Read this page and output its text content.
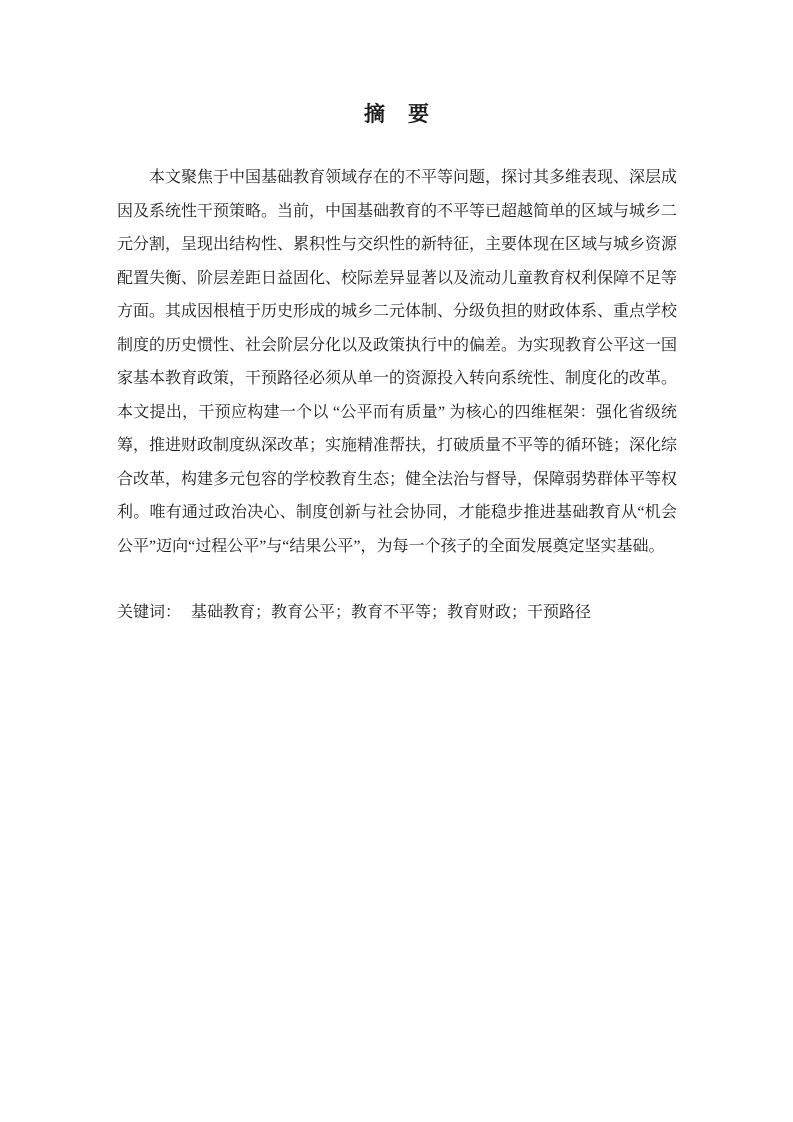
摘　要

本文聚焦于中国基础教育领域存在的不平等问题，探讨其多维表现、深层成因及系统性干预策略。当前，中国基础教育的不平等已超越简单的区域与城乡二元分割，呈现出结构性、累积性与交织性的新特征，主要体现在区域与城乡资源配置失衡、阶层差距日益固化、校际差异显著以及流动儿童教育权利保障不足等方面。其成因根植于历史形成的城乡二元体制、分级负担的财政体系、重点学校制度的历史惯性、社会阶层分化以及政策执行中的偏差。为实现教育公平这一国家基本教育政策，干预路径必须从单一的资源投入转向系统性、制度化的改革。本文提出，干预应构建一个以 “公平而有质量” 为核心的四维框架：强化省级统筹，推进财政制度纵深改革；实施精准帮扶，打破质量不平等的循环链；深化综合改革，构建多元包容的学校教育生态；健全法治与督导，保障弱势群体平等权利。唯有通过政治决心、制度创新与社会协同，才能稳步推进基础教育从“机会公平”迈向“过程公平”与“结果公平”，为每一个孩子的全面发展奠定坚实基础。

关键词： 基础教育；教育公平；教育不平等；教育财政；干预路径
